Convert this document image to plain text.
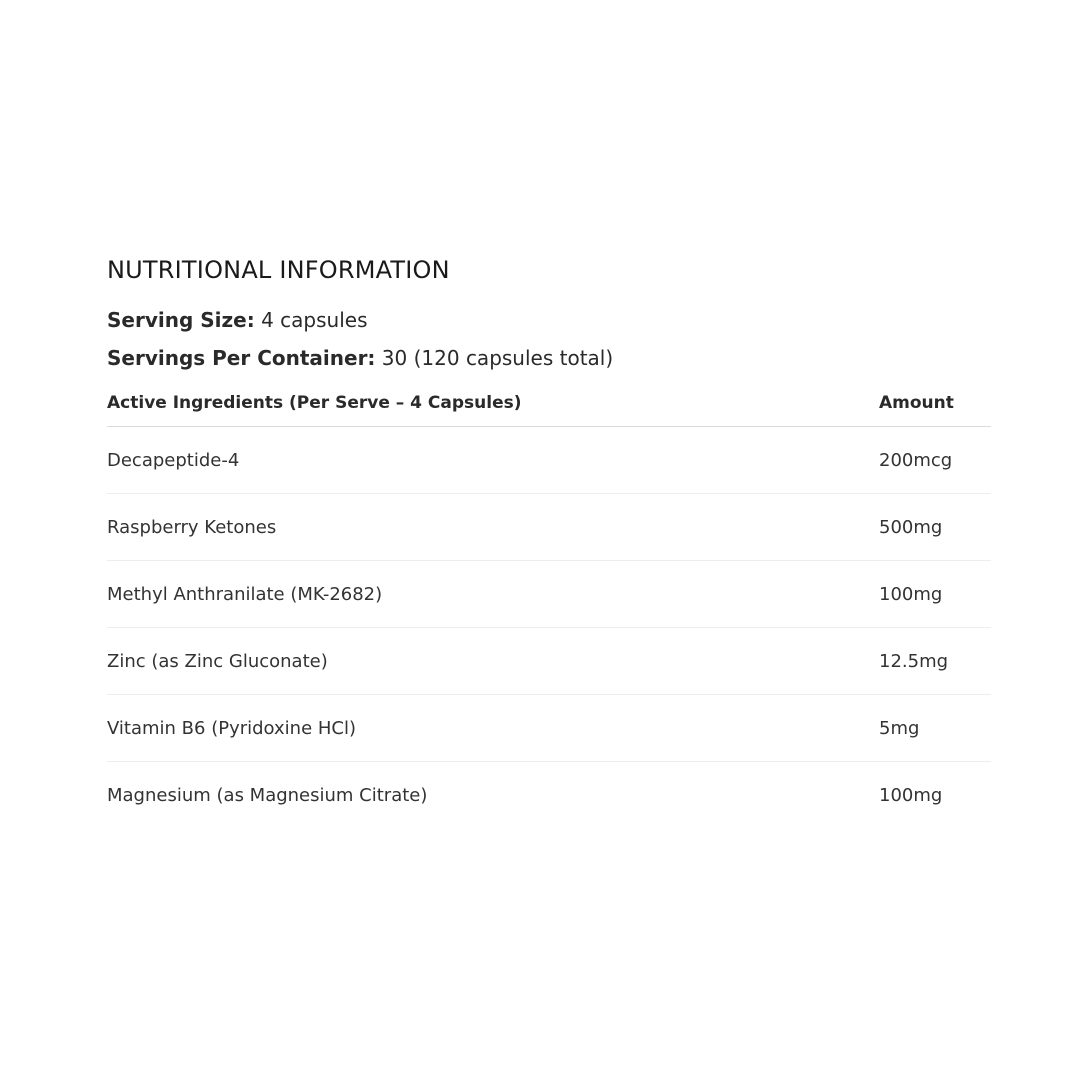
NUTRITIONAL INFORMATION
Serving Size: 4 capsules
Servings Per Container: 30 (120 capsules total)
Active Ingredients (Per Serve – 4 Capsules)	Amount
Decapeptide-4	200mcg
Raspberry Ketones	500mg
Methyl Anthranilate (MK-2682)	100mg
Zinc (as Zinc Gluconate)	12.5mg
Vitamin B6 (Pyridoxine HCl)	5mg
Magnesium (as Magnesium Citrate)	100mg
